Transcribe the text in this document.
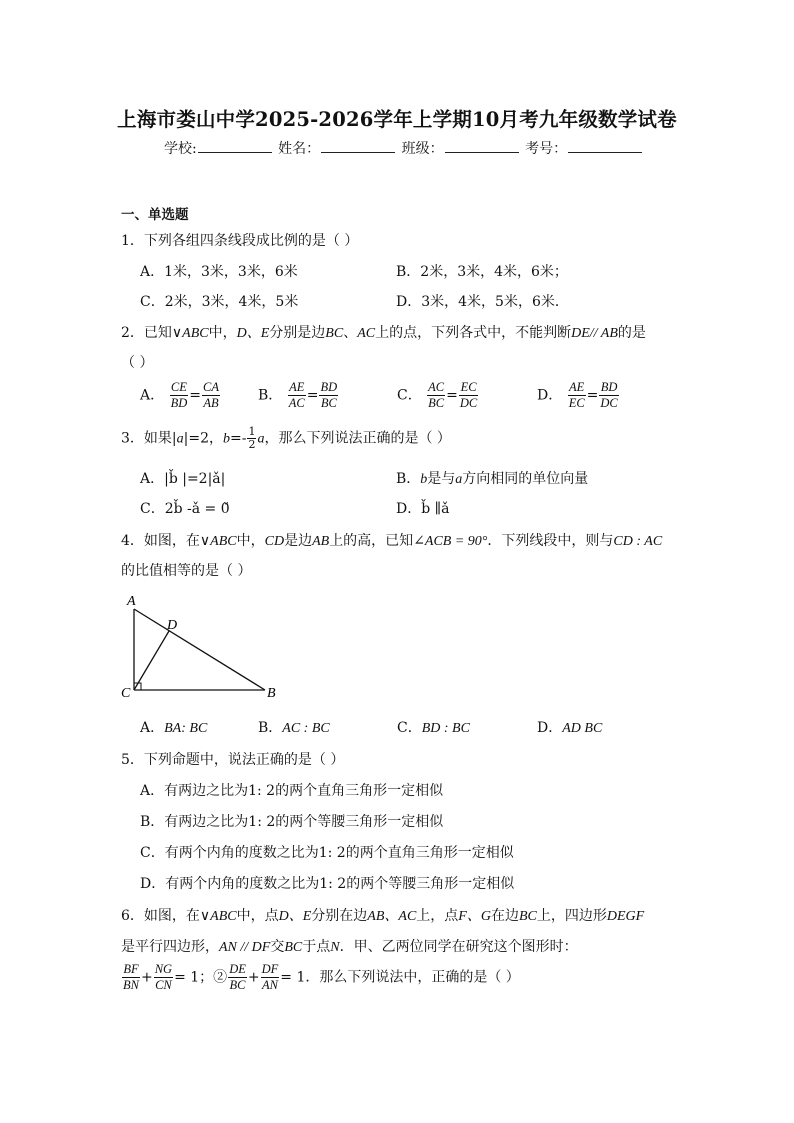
上海市娄山中学2025-2026学年上学期10月考九年级数学试卷
学校:	姓名：	班级：	考号：
一、单选题
1．下列各组四条线段成比例的是（ ）
A．1米，3米，3米，6米	B．2米，3米，4米，6米；
C．2米，3米，4米，5米	D．3米，4米，5米，6米．
2．已知∨ABC中，D、E分别是边BC、AC上的点，下列各式中，不能判断DE// AB的是
（ ）
A． $\frac{CE}{BD} = \frac{CA}{AB}$	B． $\frac{AE}{AC} = \frac{BD}{BC}$	C． $\frac{AC}{BC} = \frac{EC}{DC}$	D． $\frac{AE}{EC} = \frac{BD}{DC}$
3．如果|a|=2，$b=- \frac{1}{2}$ a，那么下列说法正确的是（ ）
A．|b̌ |=2|ǎ|	B．b是与a方向相同的单位向量
C．2b̌ -ǎ = 0̌	D．b̌ ∥ǎ
4．如图，在∨ABC中，CD是边AB上的高，已知∠ACB = 90°．下列线段中，则与CD : AC
的比值相等的是（ ）
A
D
C	B
A．BA: BC	B．AC : BC	C．BD : BC	D．AD BC
5．下列命题中，说法正确的是（ ）
A．有两边之比为1: 2的两个直角三角形一定相似
B．有两边之比为1: 2的两个等腰三角形一定相似
C．有两个内角的度数之比为1: 2的两个直角三角形一定相似
D．有两个内角的度数之比为1: 2的两个等腰三角形一定相似
6．如图，在∨ABC中，点D、E分别在边AB、AC上，点F、G在边BC上，四边形DEGF
是平行四边形，AN // DF交BC于点N．甲、乙两位同学在研究这个图形时：
$\frac{BF}{BN} + \frac{NG}{CN} = 1$；② $\frac{DE}{BC} + \frac{DF}{AN} = 1$．那么下列说法中，正确的是（ ）
